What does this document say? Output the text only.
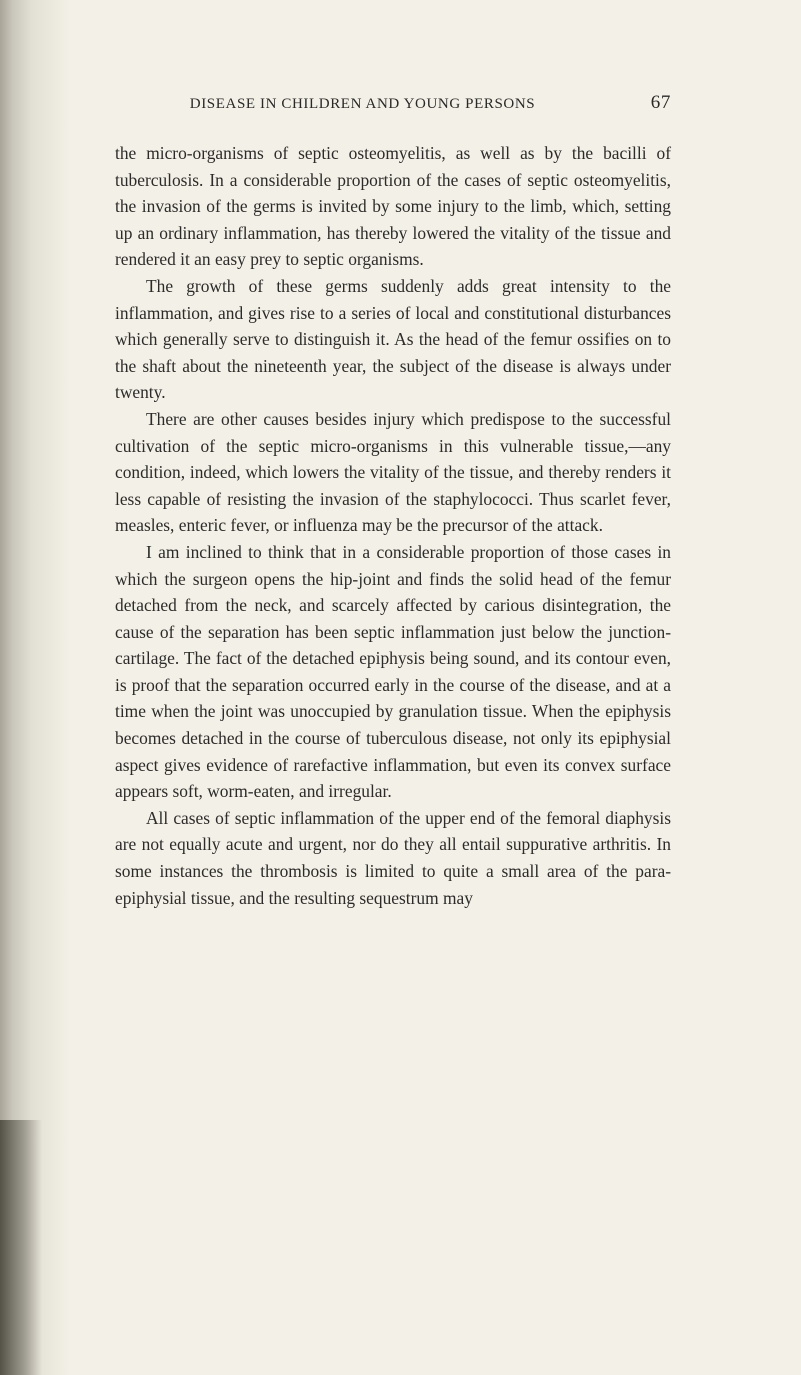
DISEASE IN CHILDREN AND YOUNG PERSONS	67

the micro-organisms of septic osteomyelitis, as well as by the bacilli of tuberculosis. In a considerable proportion of the cases of septic osteomyelitis, the invasion of the germs is invited by some injury to the limb, which, setting up an ordinary inflammation, has thereby lowered the vitality of the tissue and rendered it an easy prey to septic organisms.

The growth of these germs suddenly adds great intensity to the inflammation, and gives rise to a series of local and constitutional disturbances which generally serve to distinguish it. As the head of the femur ossifies on to the shaft about the nineteenth year, the subject of the disease is always under twenty.

There are other causes besides injury which predispose to the successful cultivation of the septic micro-organisms in this vulnerable tissue,—any condition, indeed, which lowers the vitality of the tissue, and thereby renders it less capable of resisting the invasion of the staphylococci. Thus scarlet fever, measles, enteric fever, or influenza may be the precursor of the attack.

I am inclined to think that in a considerable proportion of those cases in which the surgeon opens the hip-joint and finds the solid head of the femur detached from the neck, and scarcely affected by carious disintegration, the cause of the separation has been septic inflammation just below the junction-cartilage. The fact of the detached epiphysis being sound, and its contour even, is proof that the separation occurred early in the course of the disease, and at a time when the joint was unoccupied by granulation tissue. When the epiphysis becomes detached in the course of tuberculous disease, not only its epiphysial aspect gives evidence of rarefactive inflammation, but even its convex surface appears soft, worm-eaten, and irregular.

All cases of septic inflammation of the upper end of the femoral diaphysis are not equally acute and urgent, nor do they all entail suppurative arthritis. In some instances the thrombosis is limited to quite a small area of the para-epiphysial tissue, and the resulting sequestrum may
